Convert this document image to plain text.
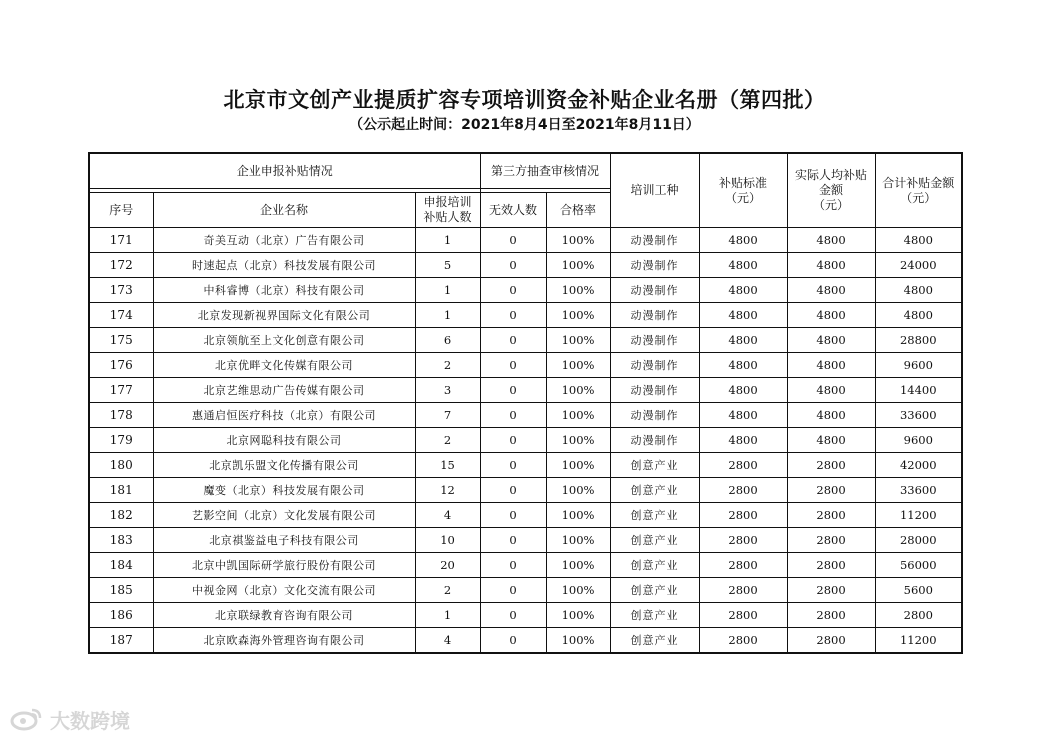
北京市文创产业提质扩容专项培训资金补贴企业名册（第四批）
（公示起止时间：2021年8月4日至2021年8月11日）
企业申报补贴情况			第三方抽查审核情况		培训工种	补贴标准
（元）	实际人均补贴
金额
（元）	合计补贴金额
（元）

序号	企业名称	申报培训
补贴人数	无效人数	合格率				
171	奇美互动（北京）广告有限公司	1	0	100%	动漫制作	4800	4800	4800
172	时速起点（北京）科技发展有限公司	5	0	100%	动漫制作	4800	4800	24000
173	中科睿博（北京）科技有限公司	1	0	100%	动漫制作	4800	4800	4800
174	北京发现新视界国际文化有限公司	1	0	100%	动漫制作	4800	4800	4800
175	北京领航至上文化创意有限公司	6	0	100%	动漫制作	4800	4800	28800
176	北京优畔文化传媒有限公司	2	0	100%	动漫制作	4800	4800	9600
177	北京艺维思动广告传媒有限公司	3	0	100%	动漫制作	4800	4800	14400
178	惠通启恒医疗科技（北京）有限公司	7	0	100%	动漫制作	4800	4800	33600
179	北京网聪科技有限公司	2	0	100%	动漫制作	4800	4800	9600
180	北京凯乐盟文化传播有限公司	15	0	100%	创意产业	2800	2800	42000
181	魔变（北京）科技发展有限公司	12	0	100%	创意产业	2800	2800	33600
182	艺影空间（北京）文化发展有限公司	4	0	100%	创意产业	2800	2800	11200
183	北京祺鉴益电子科技有限公司	10	0	100%	创意产业	2800	2800	28000
184	北京中凯国际研学旅行股份有限公司	20	0	100%	创意产业	2800	2800	56000
185	中视金网（北京）文化交流有限公司	2	0	100%	创意产业	2800	2800	5600
186	北京联绿教育咨询有限公司	1	0	100%	创意产业	2800	2800	2800
187	北京欧森海外管理咨询有限公司	4	0	100%	创意产业	2800	2800	11200
大数跨境
